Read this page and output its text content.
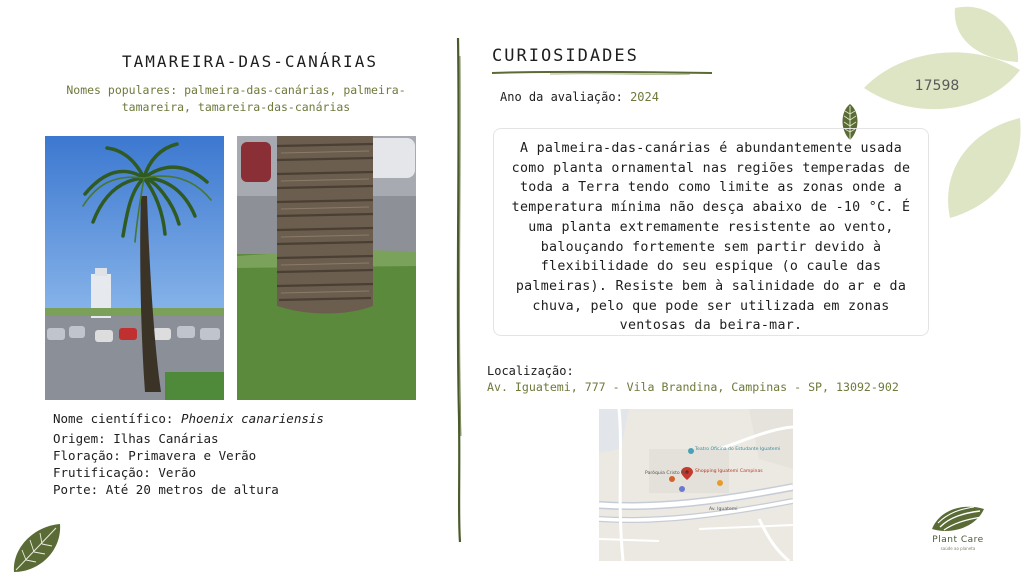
17598
TAMAREIRA-DAS-CANÁRIAS
Nomes populares: palmeira-das-canárias, palmeira-tamareira, tamareira-das-canárias
Nome científico: Phoenix canariensis
Origem: Ilhas Canárias
Floração: Primavera e Verão
Frutificação: Verão
Porte: Até 20 metros de altura
CURIOSIDADES
Ano da avaliação: 2024
A palmeira-das-canárias é abundantemente usada como planta ornamental nas regiões temperadas de toda a Terra tendo como limite as zonas onde a temperatura mínima não desça abaixo de -10 °C. É uma planta extremamente resistente ao vento, balouçando fortemente sem partir devido à flexibilidade do seu espique (o caule das palmeiras). Resiste bem à salinidade do ar e da chuva, pelo que pode ser utilizada em zonas ventosas da beira-mar.
Localização:
Av. Iguatemi, 777 - Vila Brandina, Campinas - SP, 13092-902
Teatro Oficina do Estudante Iguatemi
Shopping Iguatemi Campinas
Paróquia Cristo Rei
Av. Iguatemi
Plant Care
saúde ao planeta
